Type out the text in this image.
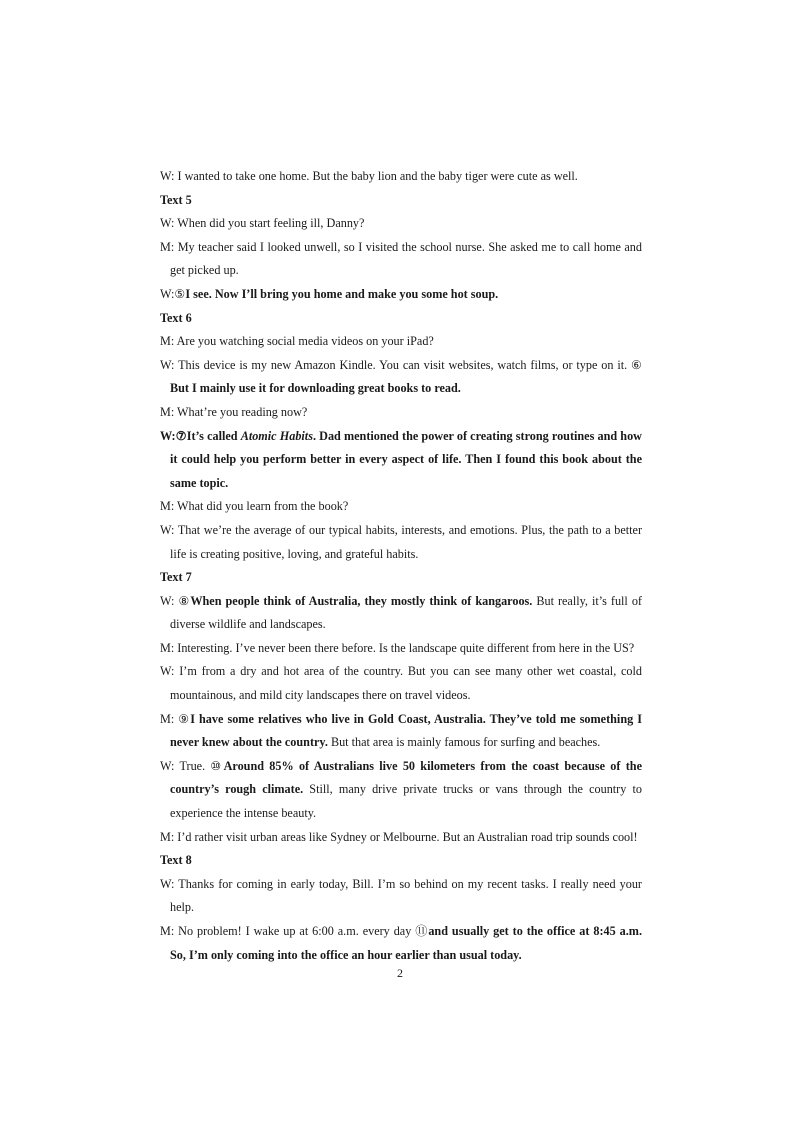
W: I wanted to take one home. But the baby lion and the baby tiger were cute as well.

Text 5

W: When did you start feeling ill, Danny?

M: My teacher said I looked unwell, so I visited the school nurse. She asked me to call home and get picked up.

W:⑤I see. Now I’ll bring you home and make you some hot soup.

Text 6

M: Are you watching social media videos on your iPad?

W: This device is my new Amazon Kindle. You can visit websites, watch films, or type on it. ⑥ But I mainly use it for downloading great books to read.

M: What’re you reading now?

W:⑦It’s called Atomic Habits. Dad mentioned the power of creating strong routines and how it could help you perform better in every aspect of life. Then I found this book about the same topic.

M: What did you learn from the book?

W: That we’re the average of our typical habits, interests, and emotions. Plus, the path to a better life is creating positive, loving, and grateful habits.

Text 7

W: ⑧When people think of Australia, they mostly think of kangaroos. But really, it’s full of diverse wildlife and landscapes.

M: Interesting. I’ve never been there before. Is the landscape quite different from here in the US?

W: I’m from a dry and hot area of the country. But you can see many other wet coastal, cold mountainous, and mild city landscapes there on travel videos.

M: ⑨I have some relatives who live in Gold Coast, Australia. They’ve told me something I never knew about the country. But that area is mainly famous for surfing and beaches.

W: True. ⑩Around 85% of Australians live 50 kilometers from the coast because of the country’s rough climate. Still, many drive private trucks or vans through the country to experience the intense beauty.

M: I’d rather visit urban areas like Sydney or Melbourne. But an Australian road trip sounds cool!

Text 8

W: Thanks for coming in early today, Bill. I’m so behind on my recent tasks. I really need your help.

M: No problem! I wake up at 6:00 a.m. every day ⑪and usually get to the office at 8:45 a.m. So, I’m only coming into the office an hour earlier than usual today.

2
